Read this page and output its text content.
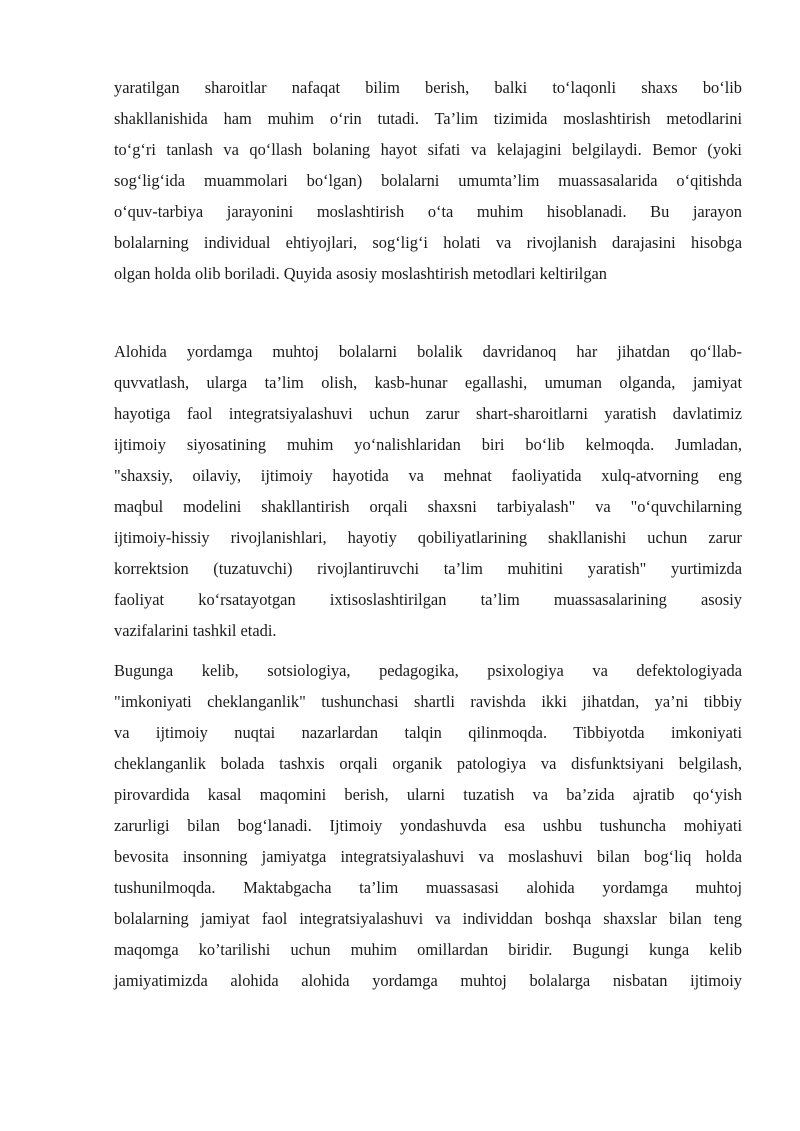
yaratilgan sharoitlar nafaqat bilim berish, balki to‘laqonli shaxs bo‘lib
shakllanishida ham muhim o‘rin tutadi. Ta’lim tizimida moslashtirish metodlarini
to‘g‘ri tanlash va qo‘llash bolaning hayot sifati va kelajagini belgilaydi. Bemor (yoki
sog‘lig‘ida muammolari bo‘lgan) bolalarni umumta’lim muassasalarida o‘qitishda
o‘quv-tarbiya jarayonini moslashtirish o‘ta muhim hisoblanadi. Bu jarayon
bolalarning individual ehtiyojlari, sog‘lig‘i holati va rivojlanish darajasini hisobga
olgan holda olib boriladi. Quyida asosiy moslashtirish metodlari keltirilgan
Alohida yordamga muhtoj bolalarni bolalik davridanoq har jihatdan qo‘llab-
quvvatlash, ularga ta’lim olish, kasb-hunar egallashi, umuman olganda, jamiyat
hayotiga faol integratsiyalashuvi uchun zarur shart-sharoitlarni yaratish davlatimiz
ijtimoiy siyosatining muhim yo‘nalishlaridan biri bo‘lib kelmoqda. Jumladan,
"shaxsiy, oilaviy, ijtimoiy hayotida va mehnat faoliyatida xulq-atvorning eng
maqbul modelini shakllantirish orqali shaxsni tarbiyalash" va "o‘quvchilarning
ijtimoiy-hissiy rivojlanishlari, hayotiy qobiliyatlarining shakllanishi uchun zarur
korrektsion (tuzatuvchi) rivojlantiruvchi ta’lim muhitini yaratish" yurtimizda
faoliyat ko‘rsatayotgan ixtisoslashtirilgan ta’lim muassasalarining asosiy
vazifalarini tashkil etadi.
Bugunga kelib, sotsiologiya, pedagogika, psixologiya va defektologiyada
"imkoniyati cheklanganlik" tushunchasi shartli ravishda ikki jihatdan, ya’ni tibbiy
va ijtimoiy nuqtai nazarlardan talqin qilinmoqda. Tibbiyotda imkoniyati
cheklanganlik bolada tashxis orqali organik patologiya va disfunktsiyani belgilash,
pirovardida kasal maqomini berish, ularni tuzatish va ba’zida ajratib qo‘yish
zarurligi bilan bog‘lanadi. Ijtimoiy yondashuvda esa ushbu tushuncha mohiyati
bevosita insonning jamiyatga integratsiyalashuvi va moslashuvi bilan bog‘liq holda
tushunilmoqda. Maktabgacha ta’lim muassasasi alohida yordamga muhtoj
bolalarning jamiyat faol integratsiyalashuvi va individdan boshqa shaxslar bilan teng
maqomga ko’tarilishi uchun muhim omillardan biridir. Bugungi kunga kelib
jamiyatimizda alohida alohida yordamga muhtoj bolalarga nisbatan ijtimoiy
